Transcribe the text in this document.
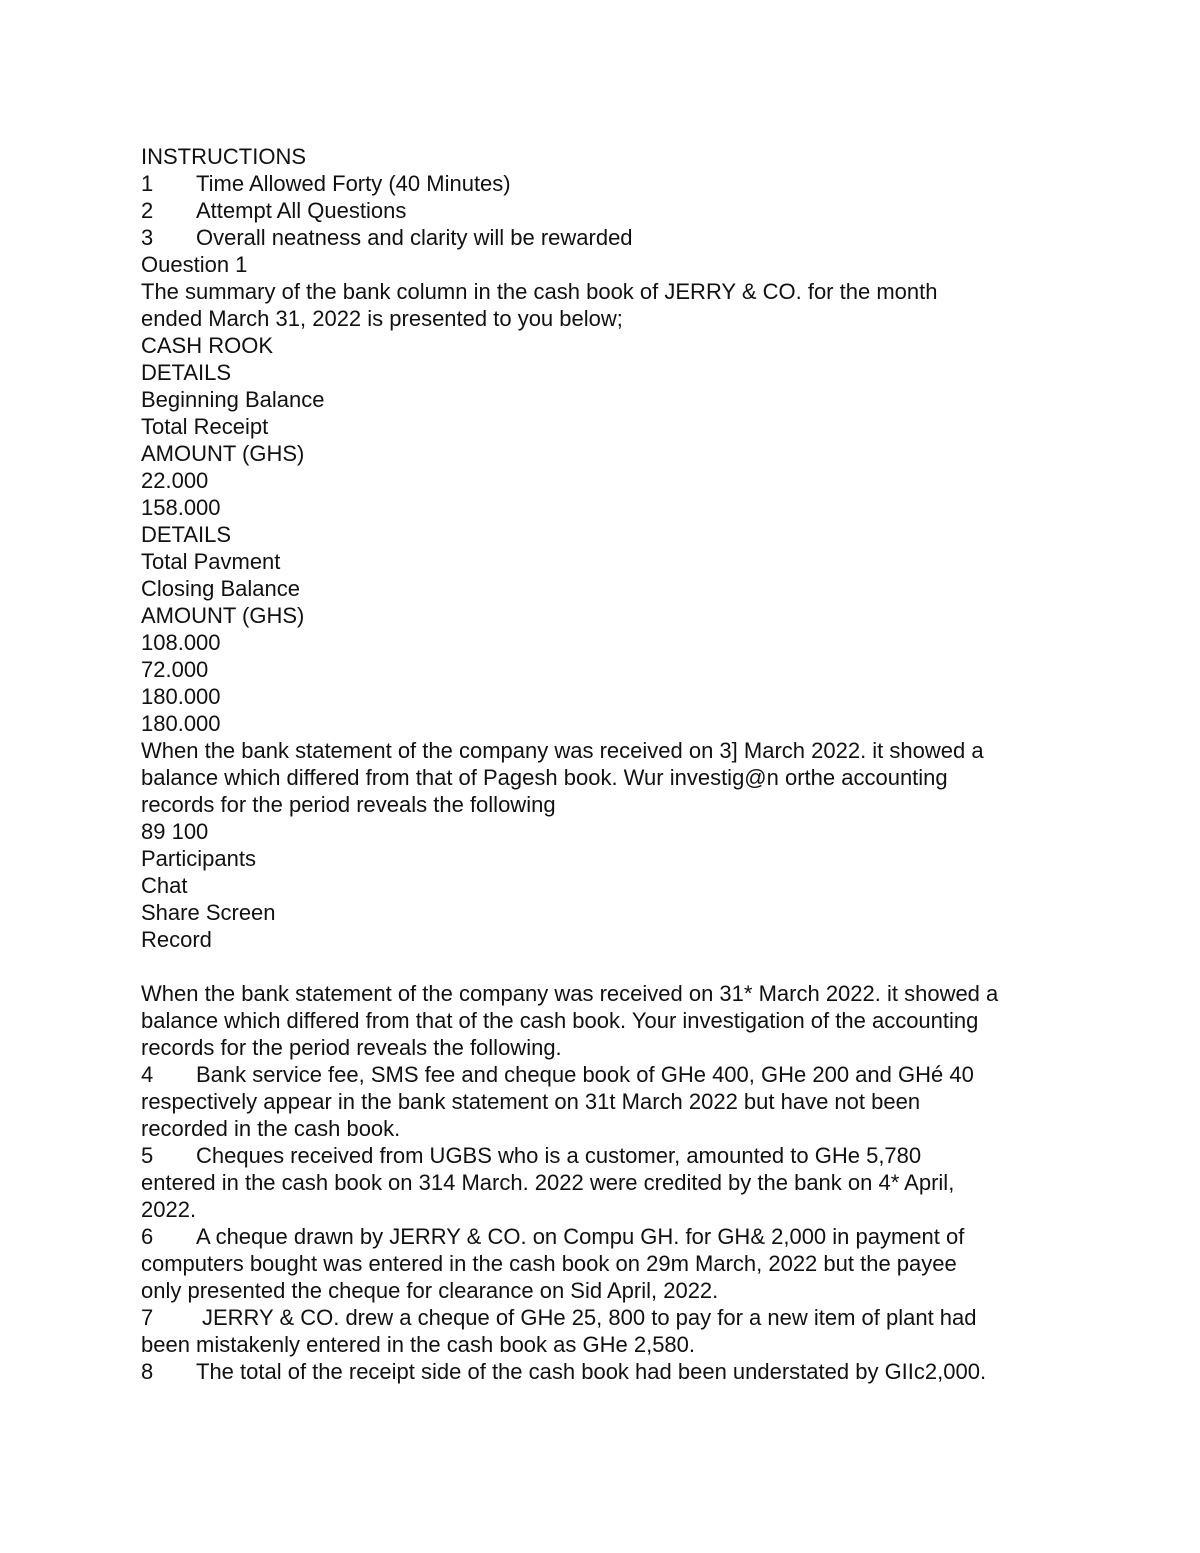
INSTRUCTIONS
1 Time Allowed Forty (40 Minutes)
2 Attempt All Questions
3 Overall neatness and clarity will be rewarded
Ouestion 1
The summary of the bank column in the cash book of JERRY & CO. for the month
ended March 31, 2022 is presented to you below;
CASH ROOK
DETAILS
Beginning Balance
Total Receipt
AMOUNT (GHS)
22.000
158.000
DETAILS
Total Pavment
Closing Balance
AMOUNT (GHS)
108.000
72.000
180.000
180.000
When the bank statement of the company was received on 3] March 2022. it showed a
balance which differed from that of Pagesh book. Wur investig@n orthe accounting
records for the period reveals the following
89 100
Participants
Chat
Share Screen
Record
When the bank statement of the company was received on 31* March 2022. it showed a
balance which differed from that of the cash book. Your investigation of the accounting
records for the period reveals the following.
4 Bank service fee, SMS fee and cheque book of GHe 400, GHe 200 and GHé 40
respectively appear in the bank statement on 31t March 2022 but have not been
recorded in the cash book.
5 Cheques received from UGBS who is a customer, amounted to GHe 5,780
entered in the cash book on 314 March. 2022 were credited by the bank on 4* April,
2022.
6 A cheque drawn by JERRY & CO. on Compu GH. for GH& 2,000 in payment of
computers bought was entered in the cash book on 29m March, 2022 but the payee
only presented the cheque for clearance on Sid April, 2022.
7 JERRY & CO. drew a cheque of GHe 25, 800 to pay for a new item of plant had
been mistakenly entered in the cash book as GHe 2,580.
8 The total of the receipt side of the cash book had been understated by GIIc2,000.
